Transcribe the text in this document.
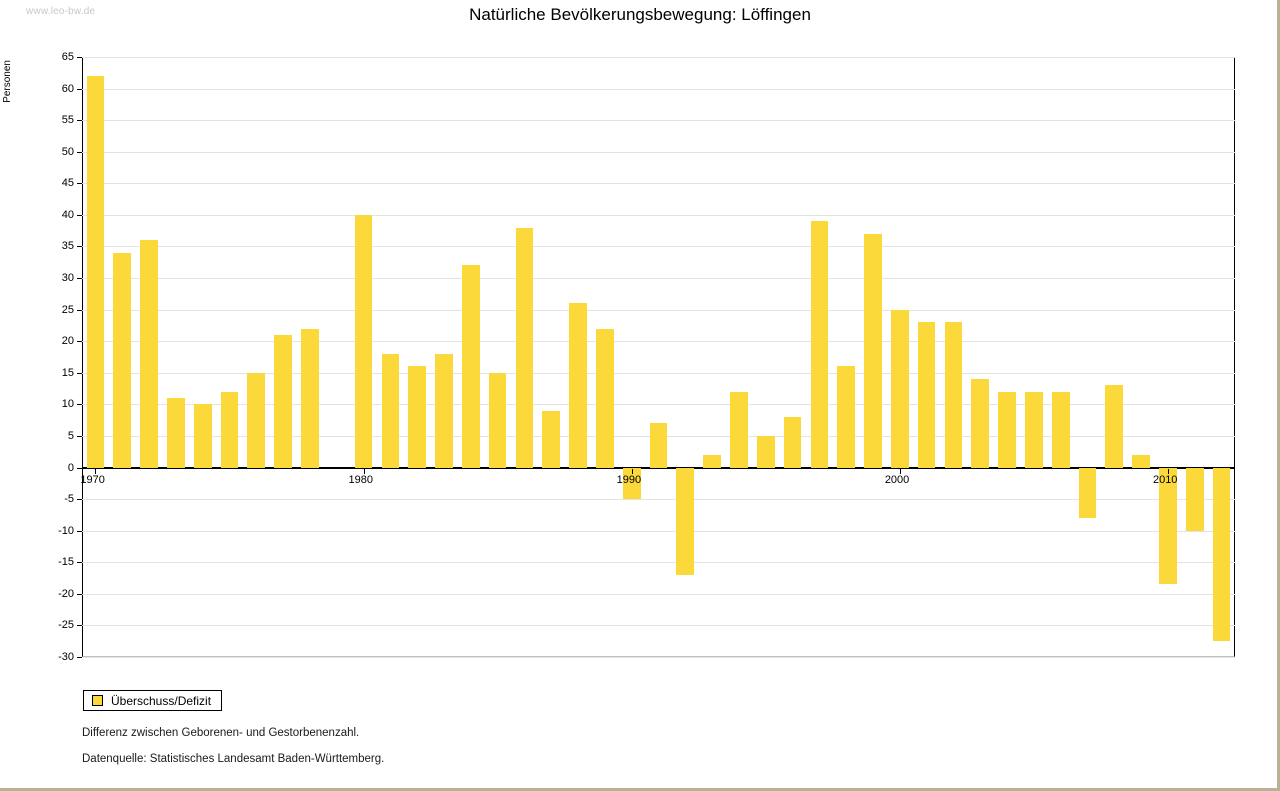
www.leo-bw.de	Natürliche Bevölkerungsbewegung: Löffingen
Personen
65
60
55
50
45
40
35
30
25
20
15
10
5
0
-5
-10
-15
-20
-25
-30
1970	1980	1990	2000	2010
Überschuss/Defizit
Differenz zwischen Geborenen- und Gestorbenenzahl.
Datenquelle: Statistisches Landesamt Baden-Württemberg.
